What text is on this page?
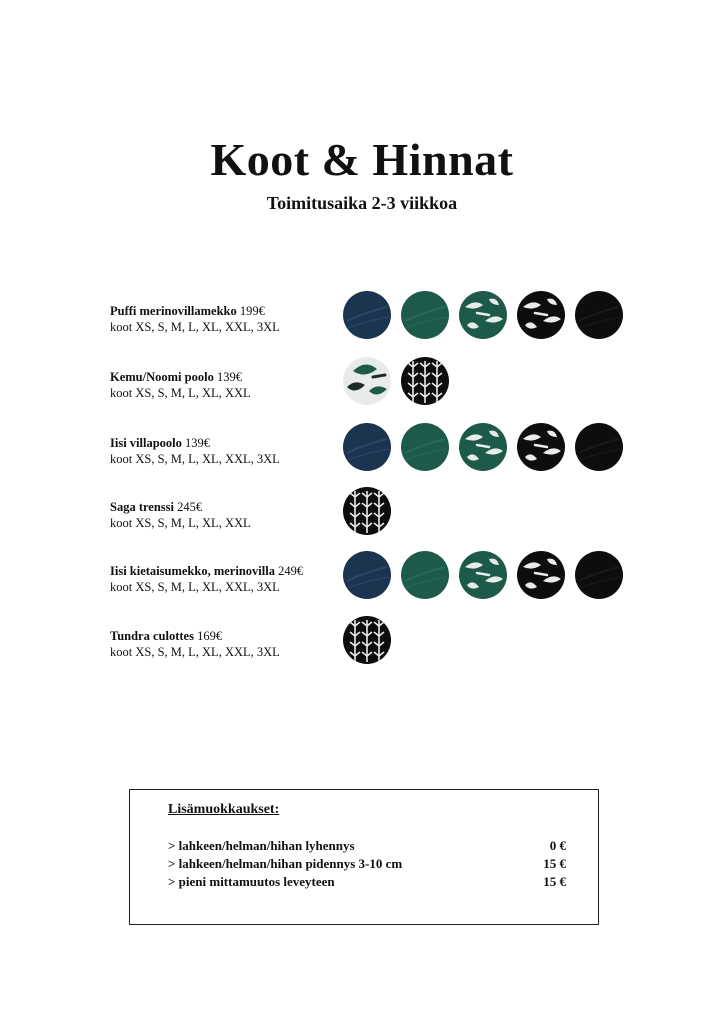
Koot & Hinnat
Toimitusaika 2-3 viikkoa
Puffi merinovillamekko 199€
koot XS, S, M, L, XL, XXL, 3XL
Kemu/Noomi poolo 139€
koot XS, S, M, L, XL, XXL
Iisi villapoolo 139€
koot XS, S, M, L, XL, XXL, 3XL
Saga trenssi 245€
koot XS, S, M, L, XL, XXL
Iisi kietaisumekko, merinovilla 249€
koot XS, S, M, L, XL, XXL, 3XL
Tundra culottes 169€
koot XS, S, M, L, XL, XXL, 3XL
Lisämuokkaukset:
> lahkeen/helman/hihan lyhennys	0 €
> lahkeen/helman/hihan pidennys 3-10 cm	15 €
> pieni mittamuutos leveyteen	15 €
